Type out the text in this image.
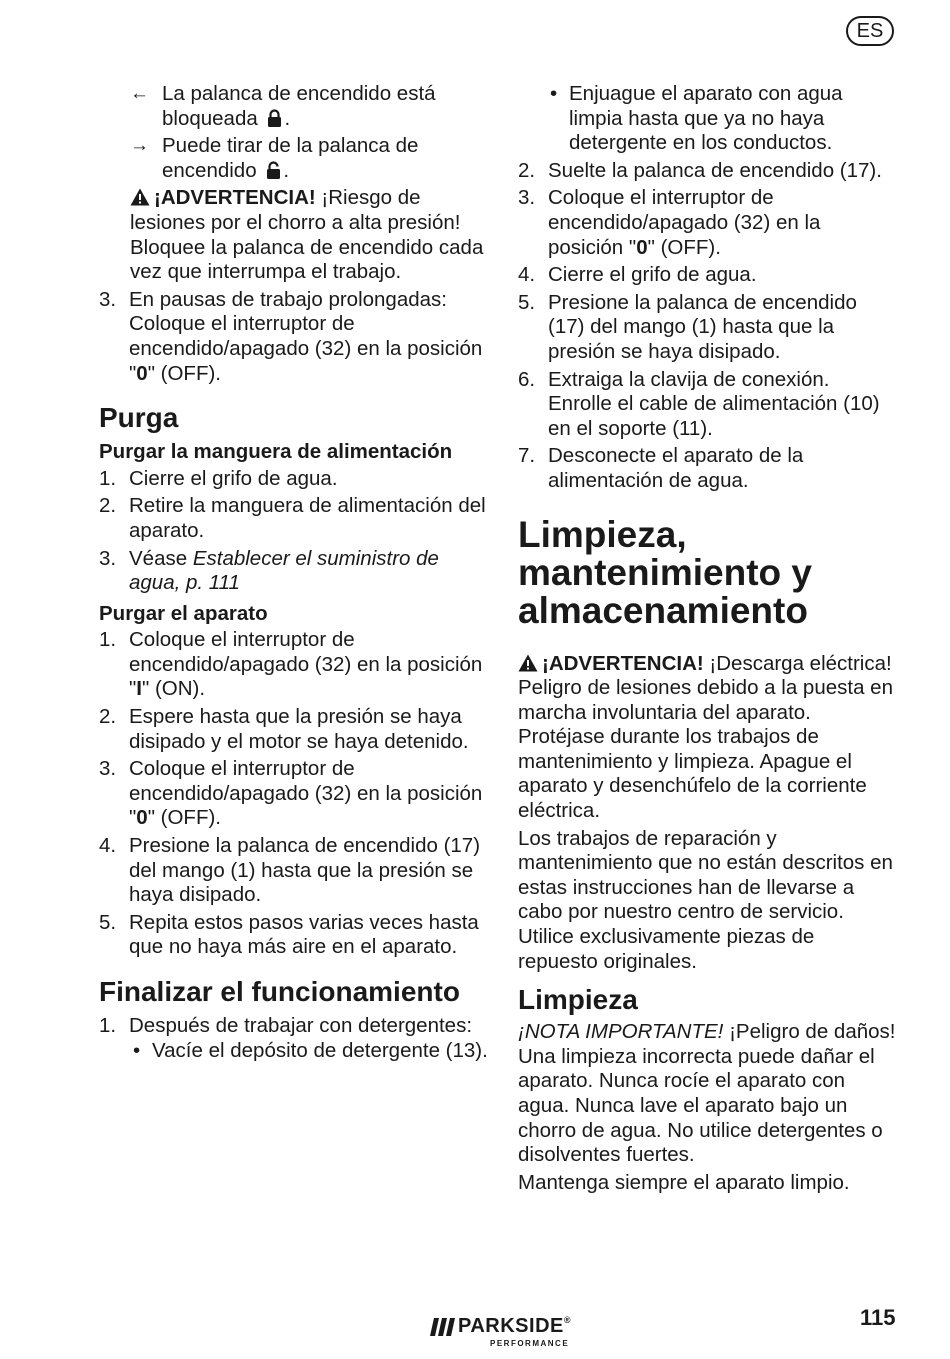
ES
← La palanca de encendido está bloqueada .
→ Puede tirar de la palanca de encendido .

¡ADVERTENCIA! ¡Riesgo de lesiones por el chorro a alta presión! Bloquee la palanca de encendido cada vez que interrumpa el trabajo.

3. En pausas de trabajo prolongadas: Coloque el interruptor de encendido/apagado (32) en la posición "0" (OFF).
Purga
Purgar la manguera de alimentación
1. Cierre el grifo de agua.
2. Retire la manguera de alimentación del aparato.
3. Véase Establecer el suministro de agua, p. 111
Purgar el aparato
1. Coloque el interruptor de encendido/apagado (32) en la posición "I" (ON).
2. Espere hasta que la presión se haya disipado y el motor se haya detenido.
3. Coloque el interruptor de encendido/apagado (32) en la posición "0" (OFF).
4. Presione la palanca de encendido (17) del mango (1) hasta que la presión se haya disipado.
5. Repita estos pasos varias veces hasta que no haya más aire en el aparato.
Finalizar el funcionamiento
1. Después de trabajar con detergentes:
• Vacíe el depósito de detergente (13).
• Enjuague el aparato con agua limpia hasta que ya no haya detergente en los conductos.
2. Suelte la palanca de encendido (17).
3. Coloque el interruptor de encendido/apagado (32) en la posición "0" (OFF).
4. Cierre el grifo de agua.
5. Presione la palanca de encendido (17) del mango (1) hasta que la presión se haya disipado.
6. Extraiga la clavija de conexión. Enrolle el cable de alimentación (10) en el soporte (11).
7. Desconecte el aparato de la alimentación de agua.
Limpieza,
mantenimiento y
almacenamiento

¡ADVERTENCIA! ¡Descarga eléctrica! Peligro de lesiones debido a la puesta en marcha involuntaria del aparato. Protéjase durante los trabajos de mantenimiento y limpieza. Apague el aparato y desenchúfelo de la corriente eléctrica.

Los trabajos de reparación y mantenimiento que no están descritos en estas instrucciones han de llevarse a cabo por nuestro centro de servicio. Utilice exclusivamente piezas de repuesto originales.

Limpieza

¡NOTA IMPORTANTE! ¡Peligro de daños! Una limpieza incorrecta puede dañar el aparato. Nunca rocíe el aparato con agua. Nunca lave el aparato bajo un chorro de agua. No utilice detergentes o disolventes fuertes.

Mantenga siempre el aparato limpio.

PARKSIDE®
PERFORMANCE
115
